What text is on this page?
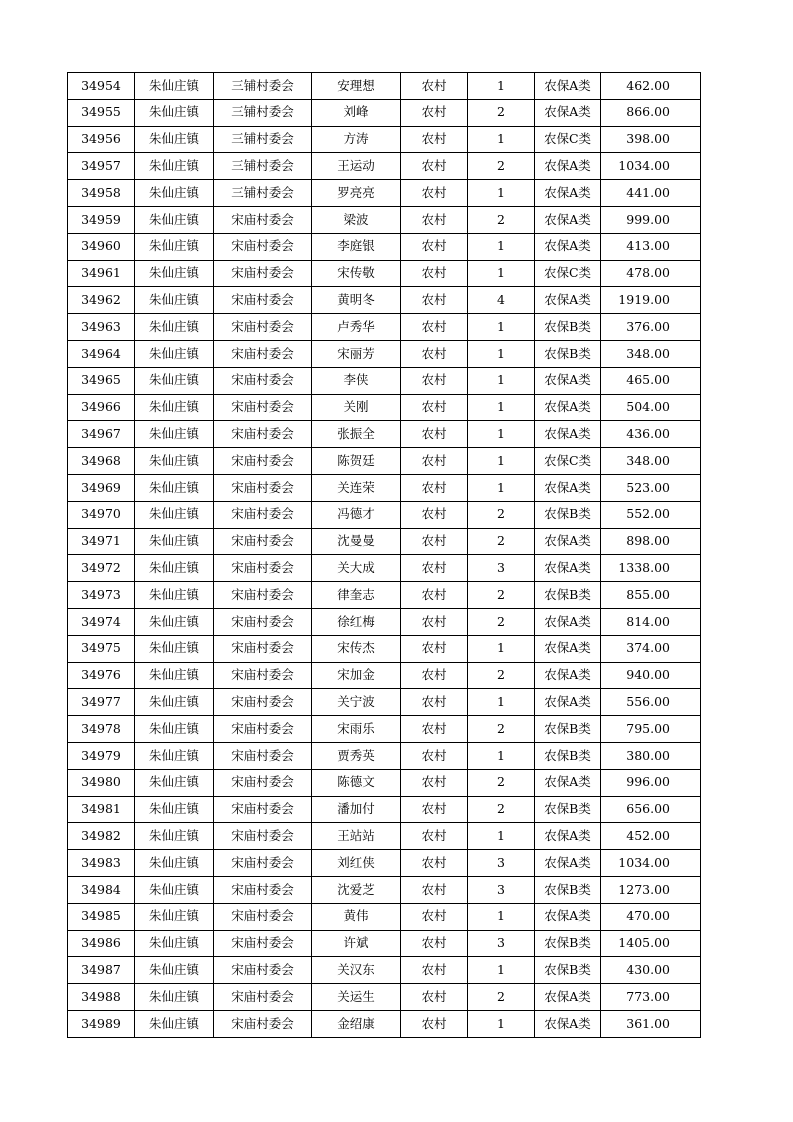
34954	朱仙庄镇	三铺村委会	安理想	农村	1	农保A类	462.00
34955	朱仙庄镇	三铺村委会	刘峰	农村	2	农保A类	866.00
34956	朱仙庄镇	三铺村委会	方涛	农村	1	农保C类	398.00
34957	朱仙庄镇	三铺村委会	王运动	农村	2	农保A类	1034.00
34958	朱仙庄镇	三铺村委会	罗亮亮	农村	1	农保A类	441.00
34959	朱仙庄镇	宋庙村委会	梁波	农村	2	农保A类	999.00
34960	朱仙庄镇	宋庙村委会	李庭银	农村	1	农保A类	413.00
34961	朱仙庄镇	宋庙村委会	宋传敬	农村	1	农保C类	478.00
34962	朱仙庄镇	宋庙村委会	黄明冬	农村	4	农保A类	1919.00
34963	朱仙庄镇	宋庙村委会	卢秀华	农村	1	农保B类	376.00
34964	朱仙庄镇	宋庙村委会	宋丽芳	农村	1	农保B类	348.00
34965	朱仙庄镇	宋庙村委会	李侠	农村	1	农保A类	465.00
34966	朱仙庄镇	宋庙村委会	关刚	农村	1	农保A类	504.00
34967	朱仙庄镇	宋庙村委会	张振全	农村	1	农保A类	436.00
34968	朱仙庄镇	宋庙村委会	陈贺廷	农村	1	农保C类	348.00
34969	朱仙庄镇	宋庙村委会	关连荣	农村	1	农保A类	523.00
34970	朱仙庄镇	宋庙村委会	冯德才	农村	2	农保B类	552.00
34971	朱仙庄镇	宋庙村委会	沈曼曼	农村	2	农保A类	898.00
34972	朱仙庄镇	宋庙村委会	关大成	农村	3	农保A类	1338.00
34973	朱仙庄镇	宋庙村委会	律奎志	农村	2	农保B类	855.00
34974	朱仙庄镇	宋庙村委会	徐红梅	农村	2	农保A类	814.00
34975	朱仙庄镇	宋庙村委会	宋传杰	农村	1	农保A类	374.00
34976	朱仙庄镇	宋庙村委会	宋加金	农村	2	农保A类	940.00
34977	朱仙庄镇	宋庙村委会	关宁波	农村	1	农保A类	556.00
34978	朱仙庄镇	宋庙村委会	宋雨乐	农村	2	农保B类	795.00
34979	朱仙庄镇	宋庙村委会	贾秀英	农村	1	农保B类	380.00
34980	朱仙庄镇	宋庙村委会	陈德文	农村	2	农保A类	996.00
34981	朱仙庄镇	宋庙村委会	潘加付	农村	2	农保B类	656.00
34982	朱仙庄镇	宋庙村委会	王站站	农村	1	农保A类	452.00
34983	朱仙庄镇	宋庙村委会	刘红侠	农村	3	农保A类	1034.00
34984	朱仙庄镇	宋庙村委会	沈爱芝	农村	3	农保B类	1273.00
34985	朱仙庄镇	宋庙村委会	黄伟	农村	1	农保A类	470.00
34986	朱仙庄镇	宋庙村委会	许斌	农村	3	农保B类	1405.00
34987	朱仙庄镇	宋庙村委会	关汉东	农村	1	农保B类	430.00
34988	朱仙庄镇	宋庙村委会	关运生	农村	2	农保A类	773.00
34989	朱仙庄镇	宋庙村委会	金绍康	农村	1	农保A类	361.00
